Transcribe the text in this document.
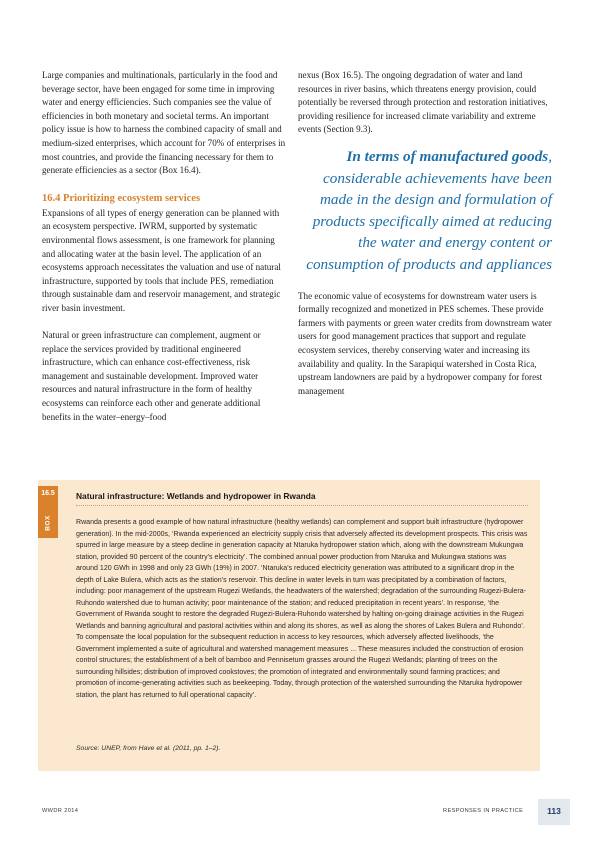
Large companies and multinationals, particularly in the food and beverage sector, have been engaged for some time in improving water and energy efficiencies. Such companies see the value of efficiencies in both monetary and societal terms. An important policy issue is how to harness the combined capacity of small and medium-sized enterprises, which account for 70% of enterprises in most countries, and provide the financing necessary for them to generate efficiencies as a sector (Box 16.4).

16.4 Prioritizing ecosystem services

Expansions of all types of energy generation can be planned with an ecosystem perspective. IWRM, supported by systematic environmental flows assessment, is one framework for planning and allocating water at the basin level. The application of an ecosystems approach necessitates the valuation and use of natural infrastructure, supported by tools that include PES, remediation through sustainable dam and reservoir management, and strategic river basin investment.

Natural or green infrastructure can complement, augment or replace the services provided by traditional engineered infrastructure, which can enhance cost-effectiveness, risk management and sustainable development. Improved water resources and natural infrastructure in the form of healthy ecosystems can reinforce each other and generate additional benefits in the water–energy–food

nexus (Box 16.5). The ongoing degradation of water and land resources in river basins, which threatens energy provision, could potentially be reversed through protection and restoration initiatives, providing resilience for increased climate variability and extreme events (Section 9.3).

In terms of manufactured goods, considerable achievements have been made in the design and formulation of products specifically aimed at reducing the water and energy content or consumption of products and appliances

The economic value of ecosystems for downstream water users is formally recognized and monetized in PES schemes. These provide farmers with payments or green water credits from downstream water users for good management practices that support and regulate ecosystem services, thereby conserving water and increasing its availability and quality. In the Sarapiqui watershed in Costa Rica, upstream landowners are paid by a hydropower company for forest management

16.5
BOX
Natural infrastructure: Wetlands and hydropower in Rwanda

Rwanda presents a good example of how natural infrastructure (healthy wetlands) can complement and support built infrastructure (hydropower generation). In the mid-2000s, ‘Rwanda experienced an electricity supply crisis that adversely affected its development prospects. This crisis was spurred in large measure by a steep decline in generation capacity at Ntaruka hydropower station which, along with the downstream Mukungwa station, provided 90 percent of the country’s electricity’. The combined annual power production from Ntaruka and Mukungwa stations was around 120 GWh in 1998 and only 23 GWh (19%) in 2007. ‘Ntaruka’s reduced electricity generation was attributed to a significant drop in the depth of Lake Bulera, which acts as the station’s reservoir. This decline in water levels in turn was precipitated by a combination of factors, including: poor management of the upstream Rugezi Wetlands, the headwaters of the watershed; degradation of the surrounding Rugezi-Bulera-Ruhondo watershed due to human activity; poor maintenance of the station; and reduced precipitation in recent years’. In response, ‘the Government of Rwanda sought to restore the degraded Rugezi-Bulera-Ruhondo watershed by halting on-going drainage activities in the Rugezi Wetlands and banning agricultural and pastoral activities within and along its shores, as well as along the shores of Lakes Bulera and Ruhondo’. To compensate the local population for the subsequent reduction in access to key resources, which adversely affected livelihoods, ‘the Government implemented a suite of agricultural and watershed management measures ... These measures included the construction of erosion control structures; the establishment of a belt of bamboo and Pennisetum grasses around the Rugezi Wetlands; planting of trees on the surrounding hillsides; distribution of improved cookstoves; the promotion of integrated and environmentally sound farming practices; and promotion of income-generating activities such as beekeeping. Today, through protection of the watershed surrounding the Ntaruka hydropower station, the plant has returned to full operational capacity’.

Source: UNEP, from Have et al. (2011, pp. 1–2).
WWDR 2014	RESPONSES IN PRACTICE	113
